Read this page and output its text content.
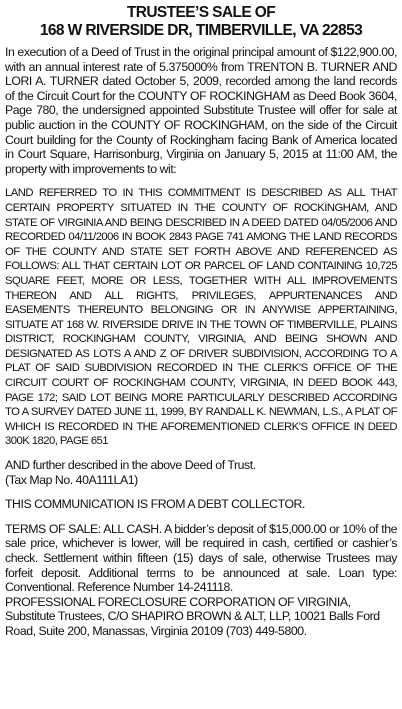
TRUSTEE’S SALE OF
168 W RIVERSIDE DR, TIMBERVILLE, VA 22853

In execution of a Deed of Trust in the original principal amount of $122,900.00, with an annual interest rate of 5.375000% from TRENTON B. TURNER AND LORI A. TURNER dated October 5, 2009, recorded among the land records of the Circuit Court for the COUNTY OF ROCKINGHAM as Deed Book 3604, Page 780, the undersigned appointed Substitute Trustee will offer for sale at public auction in the COUNTY OF ROCKINGHAM, on the side of the Circuit Court building for the County of Rockingham facing Bank of America located in Court Square, Harrisonburg, Virginia on January 5, 2015 at 11:00 AM, the property with improvements to wit:

LAND REFERRED TO IN THIS COMMITMENT IS DESCRIBED AS ALL THAT CERTAIN PROPERTY SITUATED IN THE COUNTY OF ROCKINGHAM, AND STATE OF VIRGINIA AND BEING DESCRIBED IN A DEED DATED 04/05/2006 AND RECORDED 04/11/2006 IN BOOK 2843 PAGE 741 AMONG THE LAND RECORDS OF THE COUNTY AND STATE SET FORTH ABOVE AND REFERENCED AS FOLLOWS: ALL THAT CERTAIN LOT OR PARCEL OF LAND CONTAINING 10,725 SQUARE FEET, MORE OR LESS, TOGETHER WITH ALL IMPROVEMENTS THEREON AND ALL RIGHTS, PRIVILEGES, APPURTENANCES AND EASEMENTS THEREUNTO BELONGING OR IN ANYWISE APPERTAINING, SITUATE AT 168 W. RIVERSIDE DRIVE IN THE TOWN OF TIMBERVILLE, PLAINS DISTRICT, ROCKINGHAM COUNTY, VIRGINIA, AND BEING SHOWN AND DESIGNATED AS LOTS A AND Z OF DRIVER SUBDIVISION, ACCORDING TO A PLAT OF SAID SUBDIVISION RECORDED IN THE CLERK’S OFFICE OF THE CIRCUIT COURT OF ROCKINGHAM COUNTY, VIRGINIA, IN DEED BOOK 443, PAGE 172; SAID LOT BEING MORE PARTICULARLY DESCRIBED ACCORDING TO A SURVEY DATED JUNE 11, 1999, BY RANDALL K. NEWMAN, L.S., A PLAT OF WHICH IS RECORDED IN THE AFOREMENTIONED CLERK’S OFFICE IN DEED 300K 1820, PAGE 651

AND further described in the above Deed of Trust.

(Tax Map No. 40A111LA1)

THIS COMMUNICATION IS FROM A DEBT COLLECTOR.

TERMS OF SALE: ALL CASH. A bidder’s deposit of $15,000.00 or 10% of the sale price, whichever is lower, will be required in cash, certified or cashier’s check. Settlement within fifteen (15) days of sale, otherwise Trustees may forfeit deposit. Additional terms to be announced at sale. Loan type: Conventional. Reference Number 14-241118.

PROFESSIONAL FORECLOSURE CORPORATION OF VIRGINIA, Substitute Trustees, C/O SHAPIRO BROWN & ALT, LLP, 10021 Balls Ford Road, Suite 200, Manassas, Virginia 20109 (703) 449-5800.
